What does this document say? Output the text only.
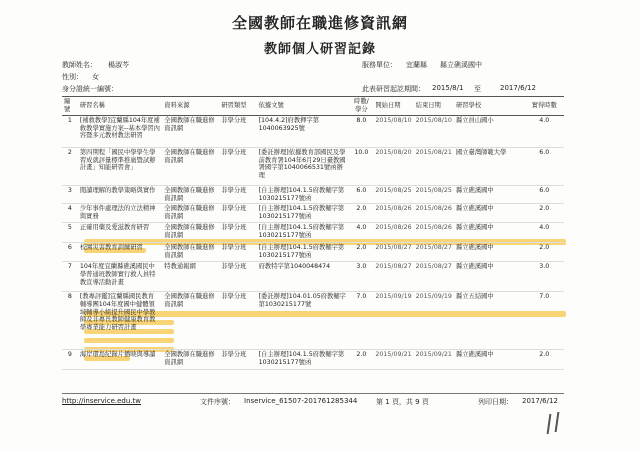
全國教師在職進修資訊網
教師個人研習記錄
教師姓名： 楊淑芩
性別： 女
身分證統一編號：
服務單位： 宜蘭縣 縣立礁溪國中
此表研習起訖期間： 2015/8/1 至	2017/6/12
編號	研習名稱	資料來源	研習類型	依據文號	時數/學分	開始日期	結束日期	研習學校	實得時數
1	[補救教學]宜蘭縣104年度補救教學實施方案--基本學習內容暨多元教材教法研習	全國教師在職進修資訊網	非學分班	[104.4.2]府教揮字第1040063925號	8.0	2015/08/10	2015/08/10	縣立員山國小	4.0
2	第四期程「國民中學學生學習成就評量標準推廣暨試辦計畫」知能研習會」	全國教師在職進修資訊網	非學分班	[委託辦理]依據教育部國民及學前教育署104年6月29日臺教國署國字第1040066531號函辦理	10.0	2015/08/20	2015/08/21	國立臺灣師範大學	6.0
3	閱讀理解的教學策略與實作	全國教師在職進修資訊網	非學分班	[自主辦理]104.1.5府教輔字第1030215177號函	6.0	2015/08/25	2015/08/25	縣立礁溪國中	6.0
4	少年事件處理法的立法精神與實務	全國教師在職進修資訊網	非學分班	[自主辦理]104.1.5府教輔字第1030215177號函	2.0	2015/08/26	2015/08/26	縣立礁溪國中	2.0
5	正確用藥及愛滋教育研習	全國教師在職進修資訊網	非學分班	[自主辦理]104.1.5府教輔字第1030215177號函	4.0	2015/08/26	2015/08/26	縣立礁溪國中	4.0
6	校園災害教育訓練研習	全國教師在職進修資訊網	非學分班	[自主辦理]104.1.5府教輔字第1030215177號函	2.0	2015/08/27	2015/08/27	縣立礁溪國中	2.0
7	104年度宜蘭縣礁溪國民中學普通班教師實行救人員特教宣導活動計畫	特教通報網	非學分班	府教特字第1040048474	3.0	2015/08/27	2015/08/27	縣立礁溪國中	3.0
8	[教專評鑑]宜蘭縣國民教育輔導團104年度國中健體領域輔導小組提升國民中學教師及非專長教師健康教育教學專業能力研習計畫	全國教師在職進修資訊網	非學分班	[委託辦理]104.01.05府教輔字第1030215177號	7.0	2015/09/19	2015/09/19	縣立五結國中	7.0
9	海岸環島紀錄片播映與導讀	全國教師在職進修資訊網	非學分班	[自主辦理]104.1.5府教輔字第1030215177號函	2.0	2015/09/21	2015/09/21	縣立礁溪國中	2.0
http://inservice.edu.tw	文件序號： Inservice_61507-201761285344	第 1 頁，共 9 頁	列印日期： 2017/6/12
